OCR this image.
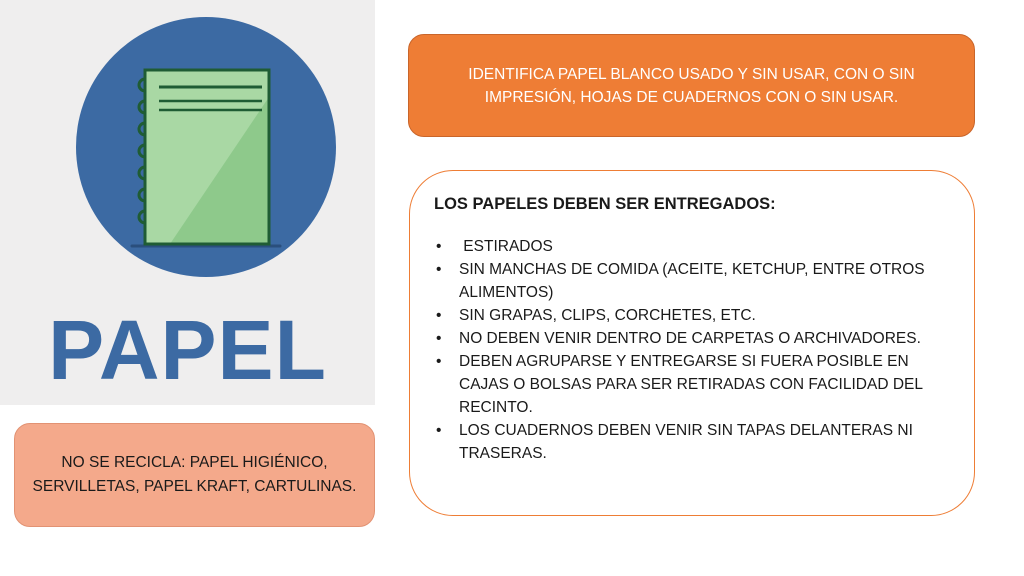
PAPEL
IDENTIFICA PAPEL BLANCO USADO Y SIN USAR, CON O SIN IMPRESIÓN, HOJAS DE CUADERNOS CON O SIN USAR.
LOS PAPELES DEBEN SER ENTREGADOS:
• ESTIRADOS
• SIN MANCHAS DE COMIDA (ACEITE, KETCHUP, ENTRE OTROS ALIMENTOS)
• SIN GRAPAS, CLIPS, CORCHETES, ETC.
• NO DEBEN VENIR DENTRO DE CARPETAS O ARCHIVADORES.
• DEBEN AGRUPARSE Y ENTREGARSE SI FUERA POSIBLE EN CAJAS O BOLSAS PARA SER RETIRADAS CON FACILIDAD DEL RECINTO.
• LOS CUADERNOS DEBEN VENIR SIN TAPAS DELANTERAS NI TRASERAS.
NO SE RECICLA: PAPEL HIGIÉNICO, SERVILLETAS, PAPEL KRAFT, CARTULINAS.
